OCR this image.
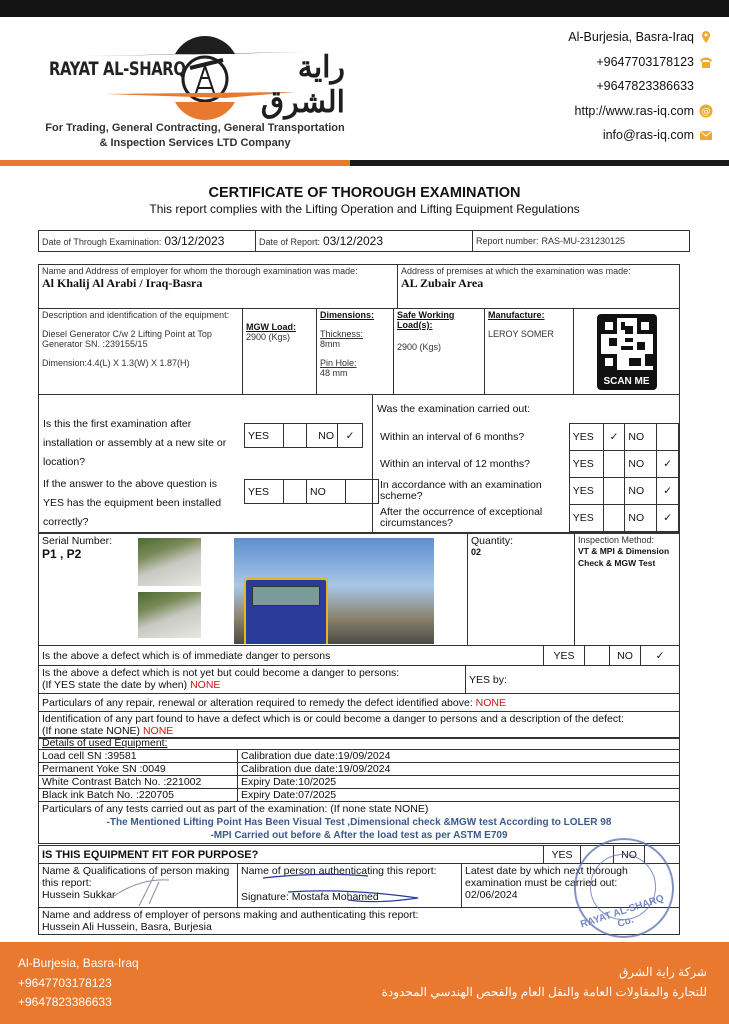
RAYAT AL-SHARQ	راية الشرق
For Trading, General Contracting, General Transportation
& Inspection Services LTD Company
Al-Burjesia, Basra-Iraq
+9647703178123
+9647823386633
http://www.ras-iq.com @
info@ras-iq.com
CERTIFICATE OF THOROUGH EXAMINATION
This report complies with the Lifting Operation and Lifting Equipment Regulations
Date of Through Examination: 03/12/2023	Date of Report: 03/12/2023	Report number: RAS-MU-231230125
Name and Address of employer for whom the thorough examination was made:
Al Khalij Al Arabi / Iraq-Basra

Address of premises at which the examination was made:
AL Zubair Area
Description and identification of the equipment:
Diesel Generator C/w 2 Lifting Point at Top Generator SN. :239155/15
Dimension:4.4(L) X 1.3(W) X 1.87(H)

MGW Load:
2900 (Kgs)

Dimensions:
Thickness:
8mm
Pin Hole:
48 mm

Safe Working Load(s):
2900 (Kgs)

Manufacture:
LEROY SOMER

SCAN ME
Is this the first examination after installation or assembly at a new site or location?
YES		NO	✓
If the answer to the above question is YES has the equipment been installed correctly?
YES		NO	
Was the examination carried out:
Within an interval of 6 months?	YES	✓	NO	
Within an interval of 12 months?	YES		NO	✓
In accordance with an examination scheme?	YES		NO	✓
After the occurrence of exceptional circumstances?	YES		NO	✓
Serial Number:
P1 , P2

Quantity:
02

Inspection Method:
VT & MPI & Dimension Check & MGW Test
Is the above a defect which is of immediate danger to persons	YES		NO	✓
Is the above a defect which is not yet but could become a danger to persons:
(If YES state the date by when) NONE	YES by:
Particulars of any repair, renewal or alteration required to remedy the defect identified above: NONE

Identification of any part found to have a defect which is or could become a danger to persons and a description of the defect:
(If none state NONE) NONE
Details of used Equipment:	
Load cell SN :39581	Calibration due date:19/09/2024
Permanent Yoke SN :0049	Calibration due date:19/09/2024
White Contrast Batch No. :221002	Expiry Date:10/2025
Black ink Batch No. :220705	Expiry Date:07/2025

Particulars of any tests carried out as part of the examination: (If none state NONE)
-The Mentioned Lifting Point Has Been Visual Test ,Dimensional check &MGW test According to LOLER 98
-MPI Carried out before & After the load test as per ASTM E709	
IS THIS EQUIPMENT FIT FOR PURPOSE?	YES		NO	
Name & Qualifications of person making this report:
Hussein Sukkar

Name of person authenticating this report:
Signature: Mostafa Mohamed

Latest date by which next thorough examination must be carried out:
02/06/2024

Name and address of employer of persons making and authenticating this report:
Hussein Ali Hussein, Basra, Burjesia	RAYAT AL-SHARQ Co.
Al-Burjesia, Basra-Iraq
+9647703178123
+9647823386633
شركة راية الشرق
للتجارة والمقاولات العامة والنقل العام والفحص الهندسي المحدودة
